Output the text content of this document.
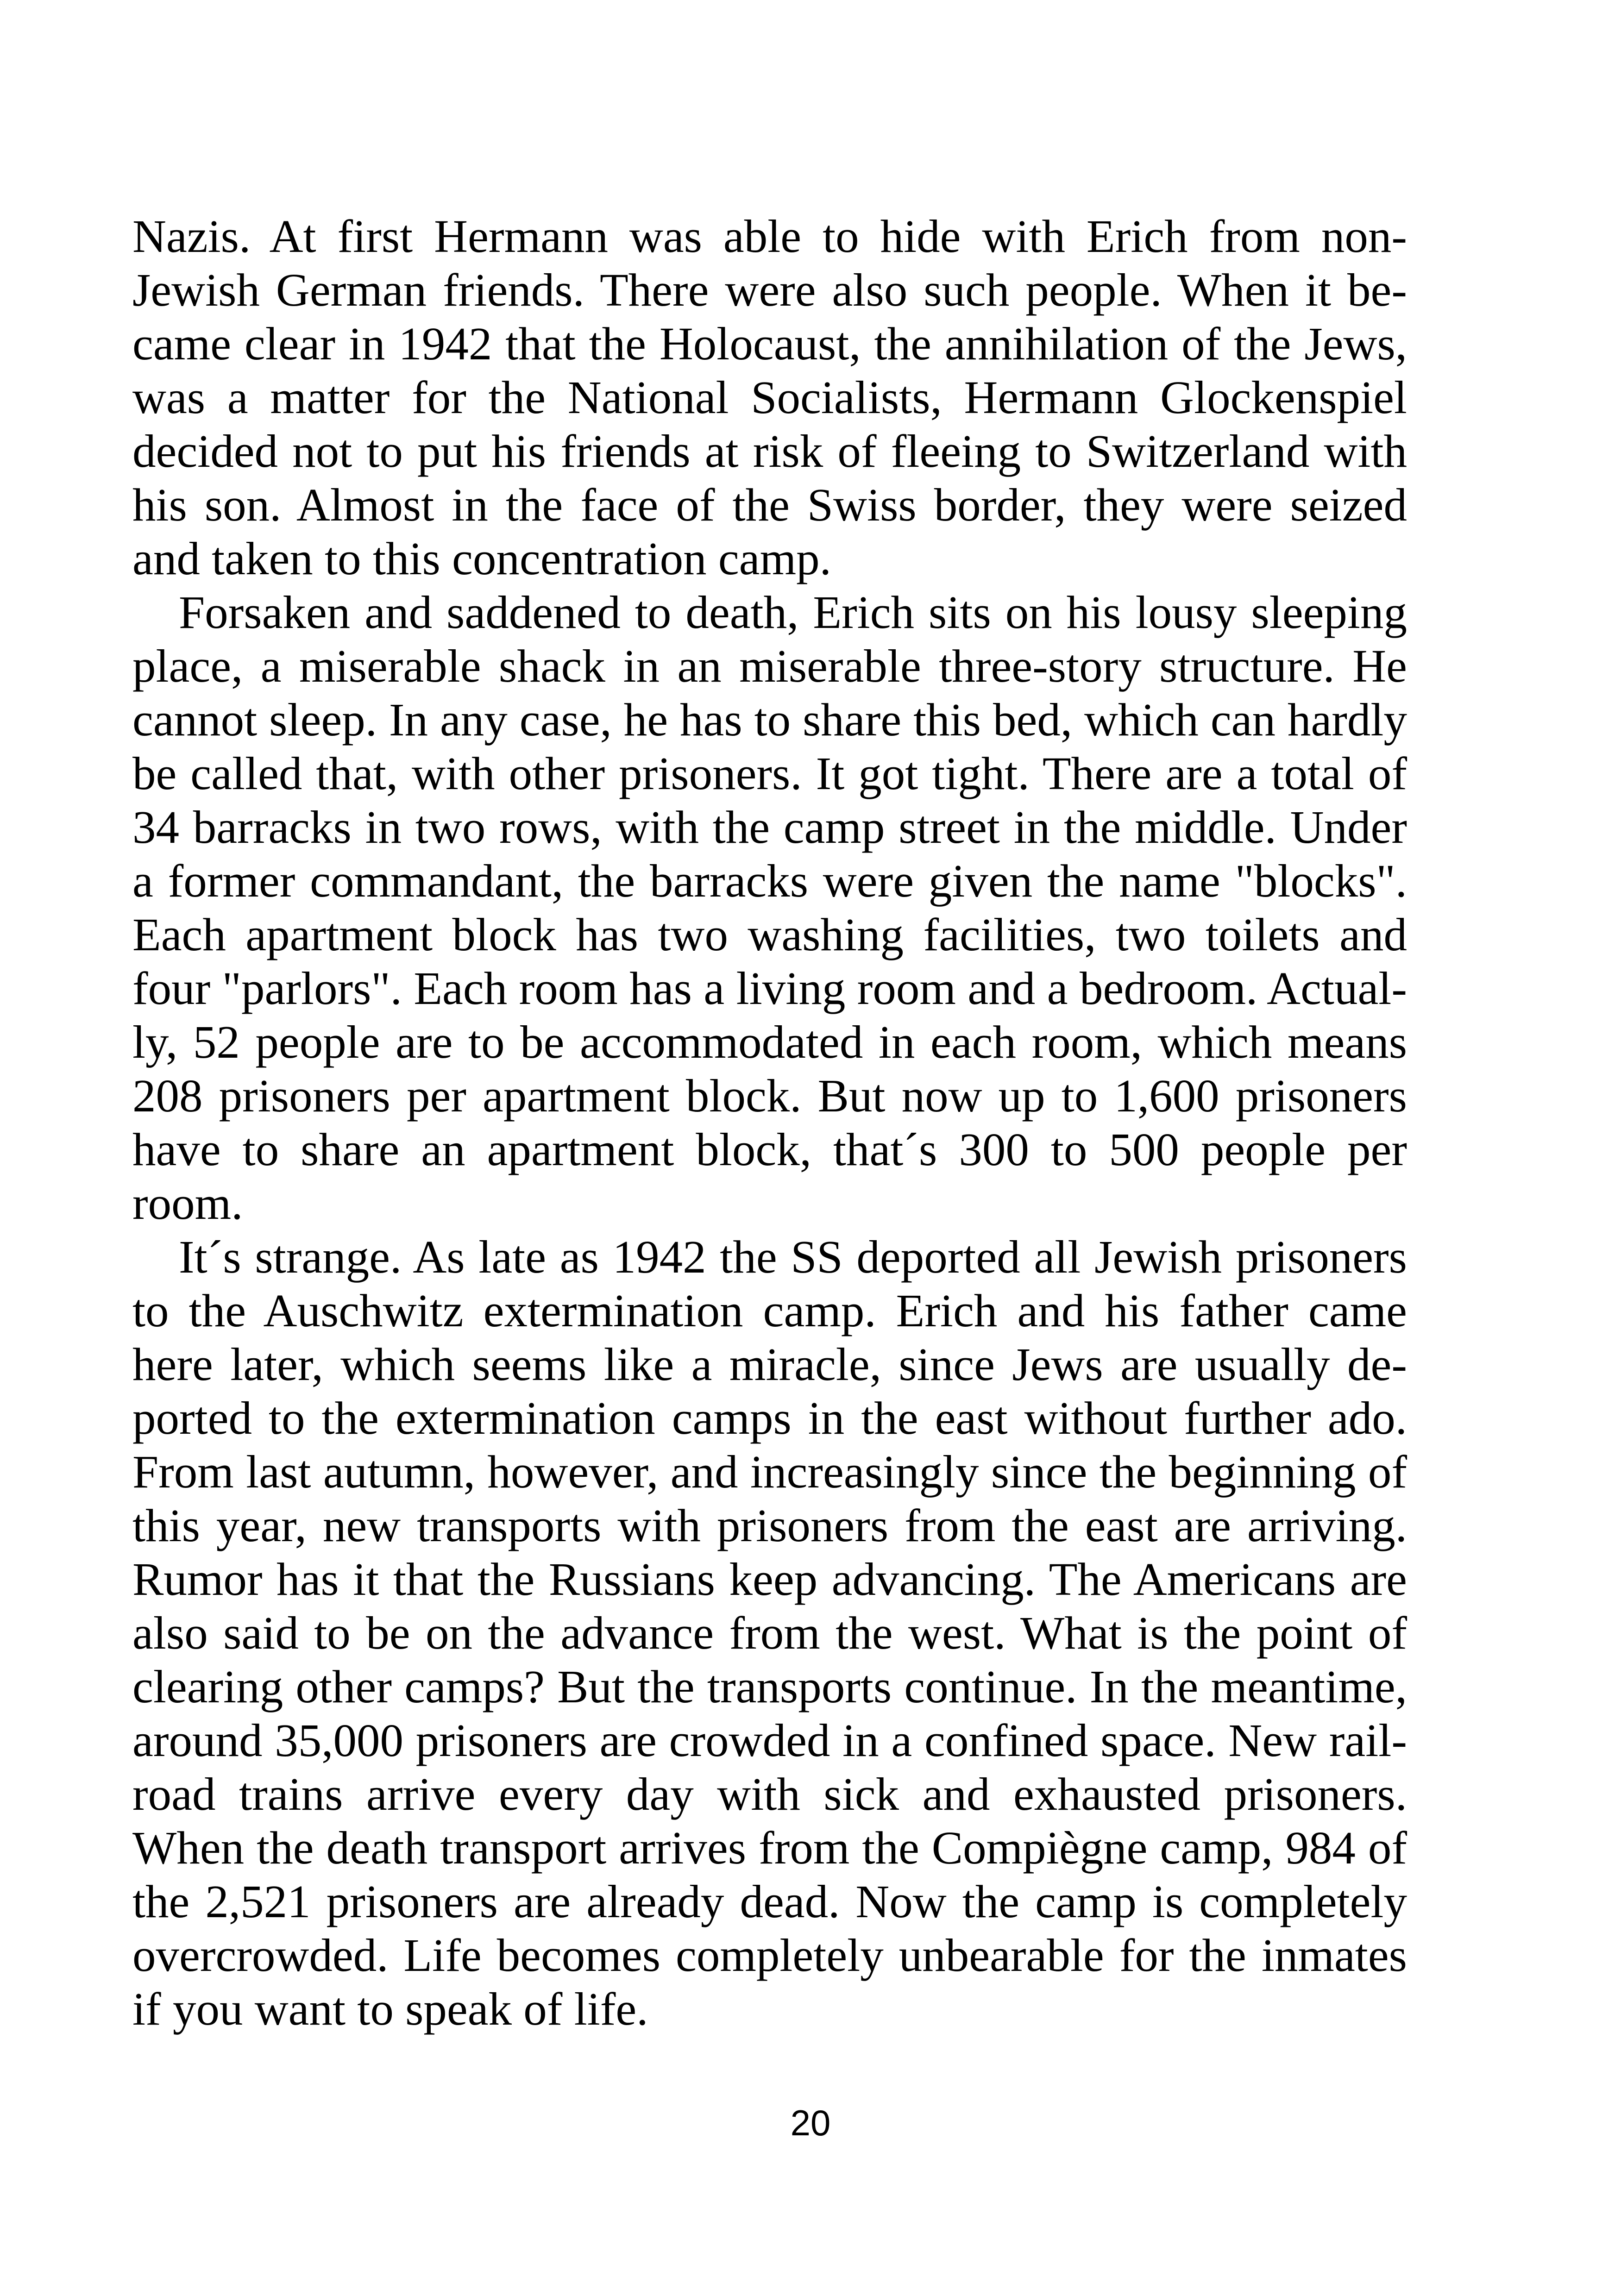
Nazis. At first Hermann was able to hide with Erich from non-Jewish German friends. There were also such people. When it became clear in 1942 that the Holocaust, the annihilation of the Jews, was a matter for the National Socialists, Hermann Glockenspiel decided not to put his friends at risk of fleeing to Switzerland with his son. Almost in the face of the Swiss border, they were seized and taken to this concentration camp.

Forsaken and saddened to death, Erich sits on his lousy sleeping place, a miserable shack in an miserable three-story structure. He cannot sleep. In any case, he has to share this bed, which can hardly be called that, with other prisoners. It got tight. There are a total of 34 barracks in two rows, with the camp street in the middle. Under a former commandant, the barracks were given the name "blocks". Each apartment block has two washing facilities, two toilets and four "parlors". Each room has a living room and a bedroom. Actually, 52 people are to be accommodated in each room, which means 208 prisoners per apartment block. But now up to 1,600 prisoners have to share an apartment block, that´s 300 to 500 people per room.

It´s strange. As late as 1942 the SS deported all Jewish prisoners to the Auschwitz extermination camp. Erich and his father came here later, which seems like a miracle, since Jews are usually deported to the extermination camps in the east without further ado. From last autumn, however, and increasingly since the beginning of this year, new transports with prisoners from the east are arriving. Rumor has it that the Russians keep advancing. The Americans are also said to be on the advance from the west. What is the point of clearing other camps? But the transports continue. In the meantime, around 35,000 prisoners are crowded in a confined space. New railroad trains arrive every day with sick and exhausted prisoners. When the death transport arrives from the Compiègne camp, 984 of the 2,521 prisoners are already dead. Now the camp is completely overcrowded. Life becomes completely unbearable for the inmates if you want to speak of life.

20
